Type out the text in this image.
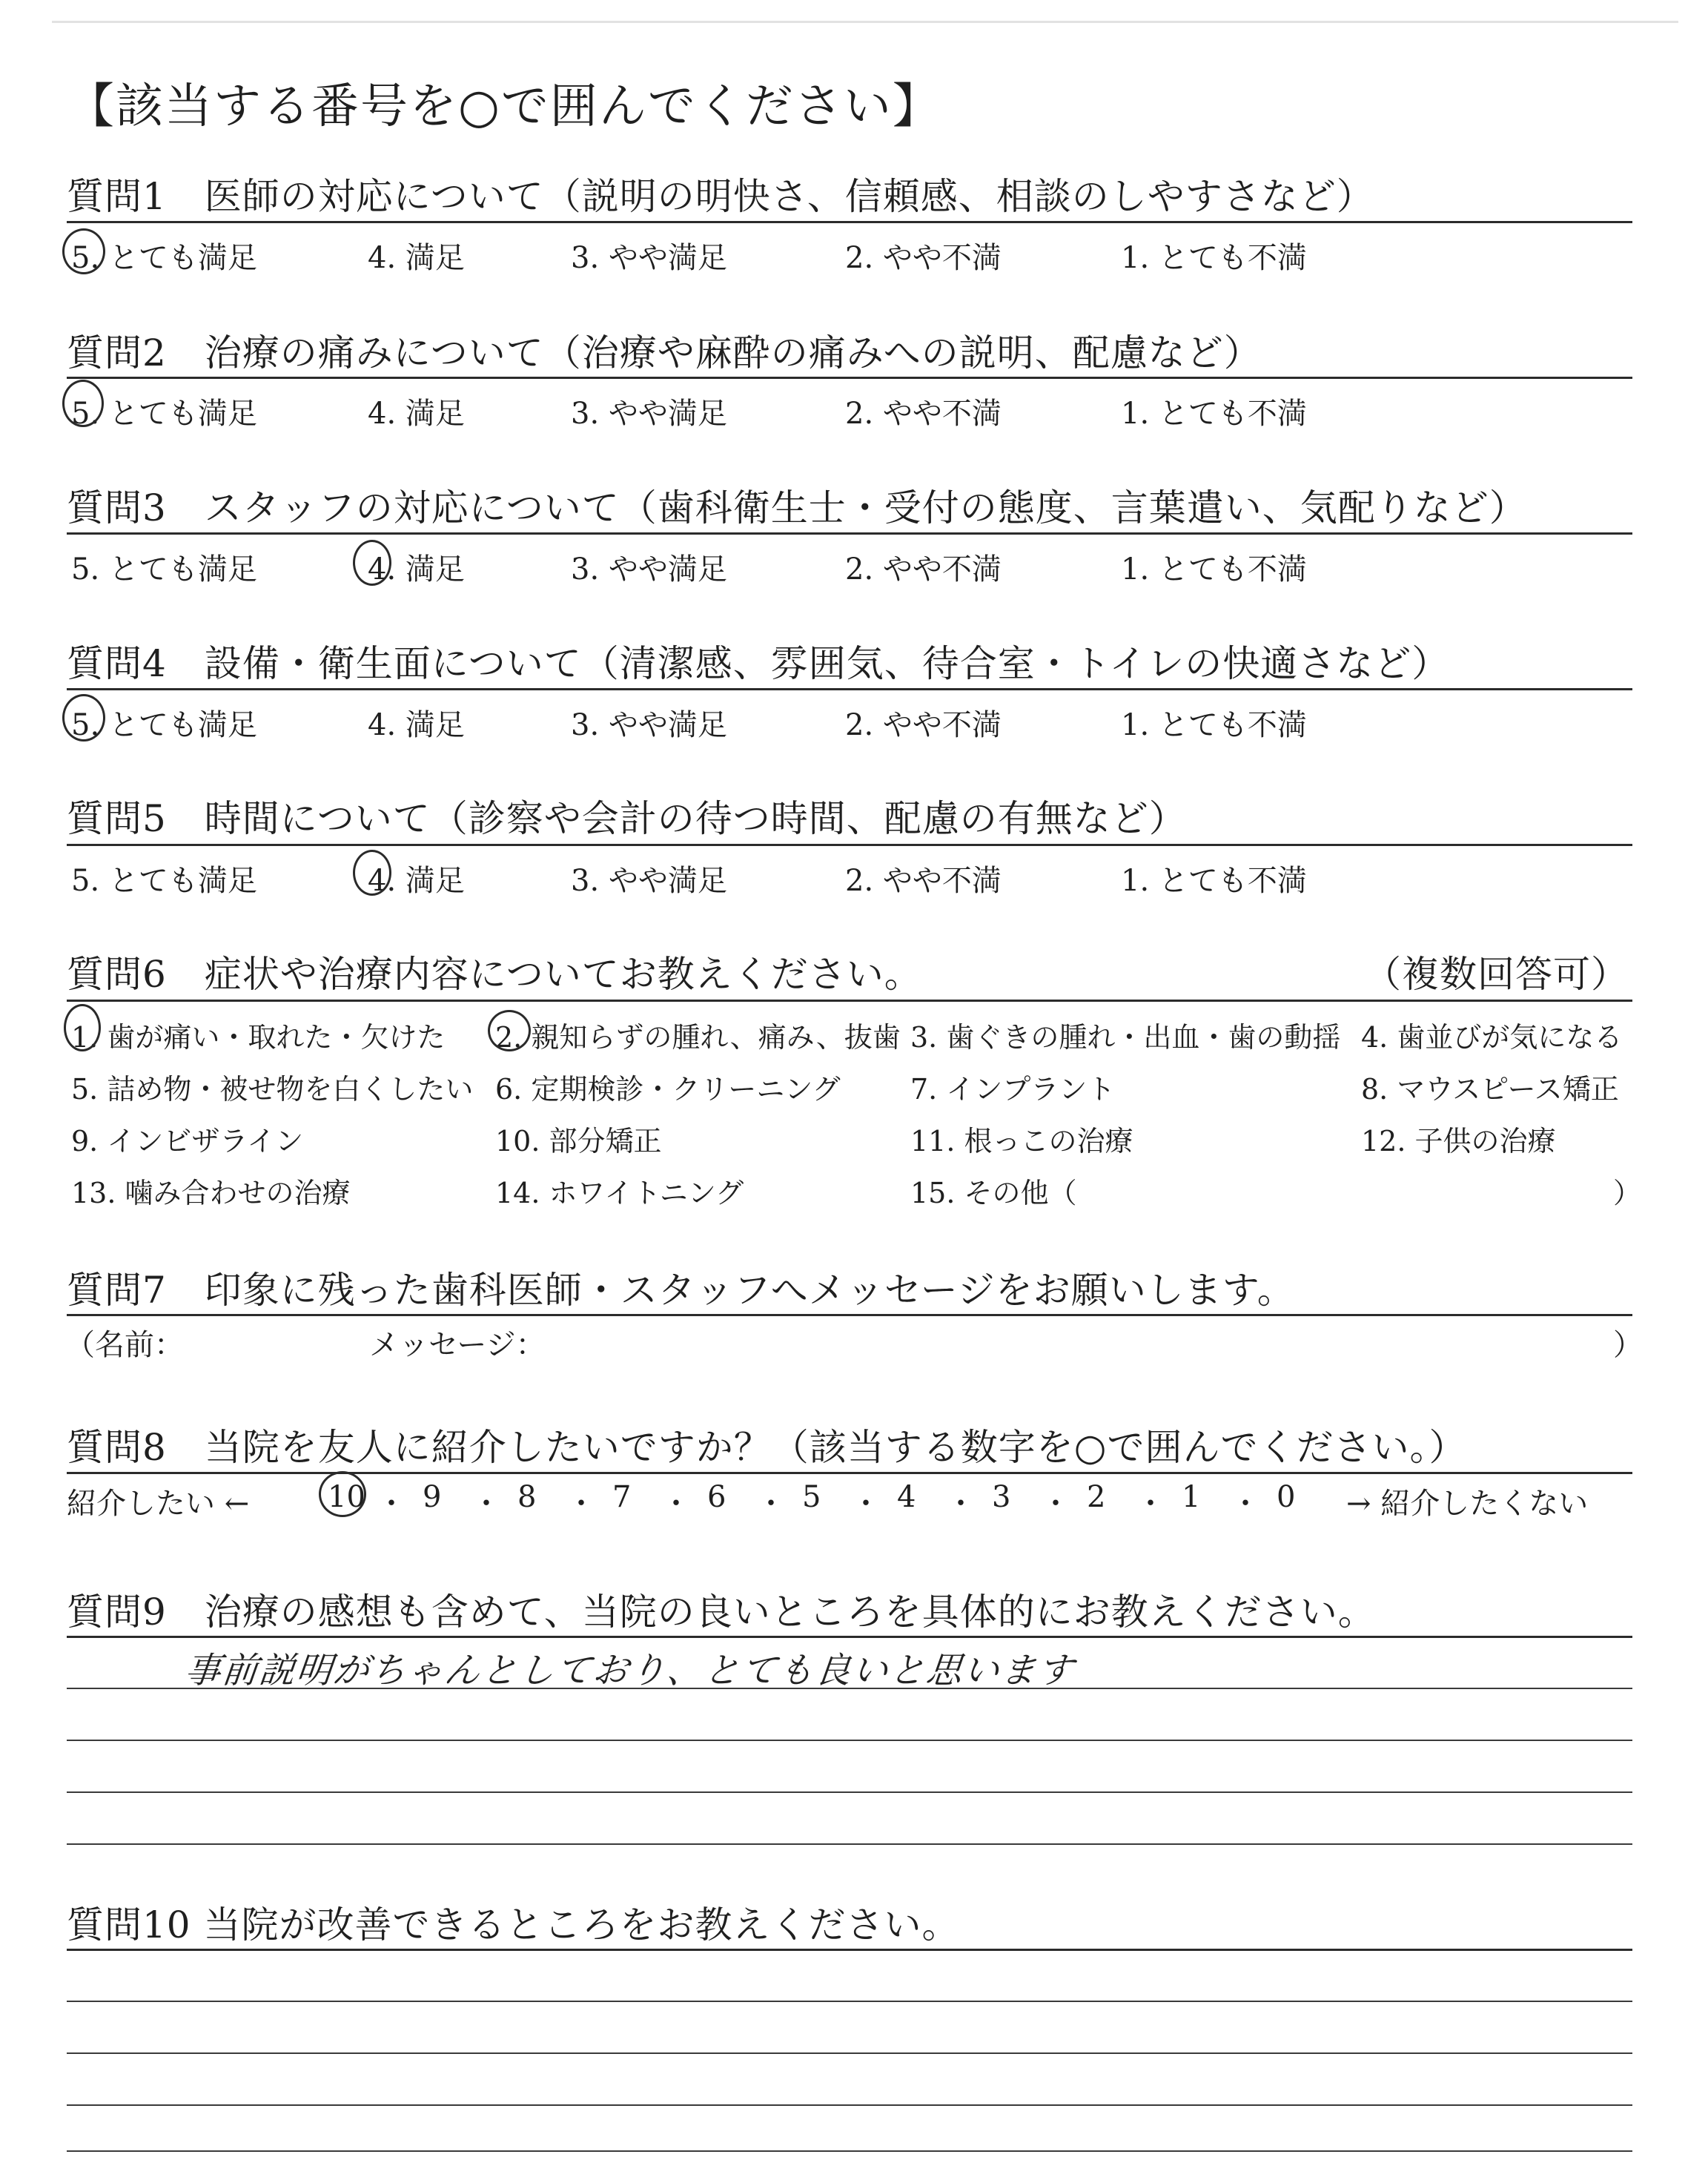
【該当する番号を○で囲んでください】
質問1　医師の対応について（説明の明快さ、信頼感、相談のしやすさなど）
5. とても満足	4. 満足	3. やや満足	2. やや不満	1. とても不満
質問2　治療の痛みについて（治療や麻酔の痛みへの説明、配慮など）
5. とても満足	4. 満足	3. やや満足	2. やや不満	1. とても不満
質問3　スタッフの対応について（歯科衛生士・受付の態度、言葉遣い、気配りなど）
5. とても満足	4. 満足	3. やや満足	2. やや不満	1. とても不満
質問4　設備・衛生面について（清潔感、雰囲気、待合室・トイレの快適さなど）
5. とても満足	4. 満足	3. やや満足	2. やや不満	1. とても不満
質問5　時間について（診察や会計の待つ時間、配慮の有無など）
5. とても満足	4. 満足	3. やや満足	2. やや不満	1. とても不満
質問6　症状や治療内容についてお教えください。	（複数回答可）
1. 歯が痛い・取れた・欠けた 2. 親知らずの腫れ、痛み、抜歯 3. 歯ぐきの腫れ・出血・歯の動揺 4. 歯並びが気になる
5. 詰め物・被せ物を白くしたい 6. 定期検診・クリーニング 7. インプラント	8. マウスピース矯正
9. インビザライン	10. 部分矯正	11. 根っこの治療	12. 子供の治療
13. 噛み合わせの治療	14. ホワイトニング	15. その他（	）
質問7　印象に残った歯科医師・スタッフへメッセージをお願いします。
（名前：	メッセージ：	）
質問8　当院を友人に紹介したいですか？（該当する数字を○で囲んでください。）
紹介したい ←	10 ・ 9 ・ 8 ・ 7 ・ 6 ・ 5 ・ 4 ・ 3 ・ 2 ・ 1 ・ 0 → 紹介したくない
質問9　治療の感想も含めて、当院の良いところを具体的にお教えください。
事前説明がちゃんとしており、とても良いと思います
質問10 当院が改善できるところをお教えください。
